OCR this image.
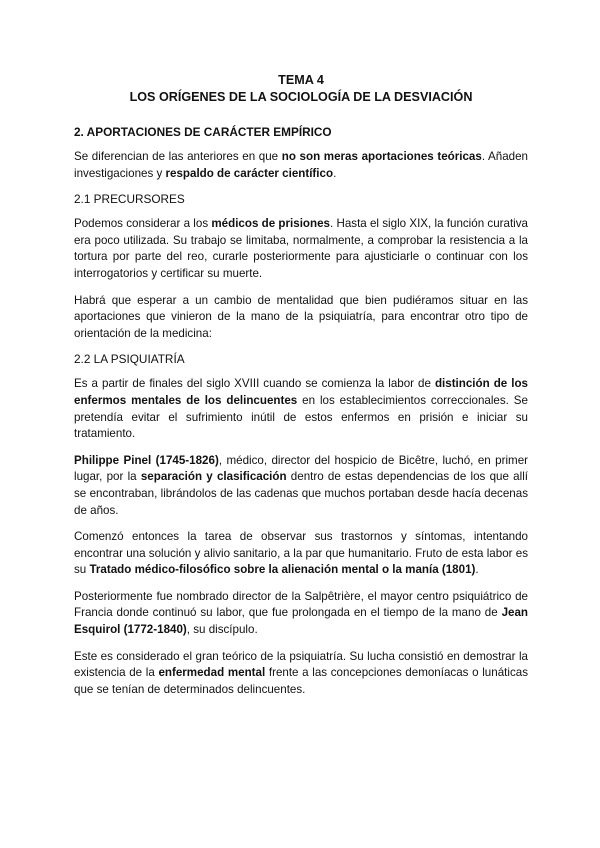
TEMA 4
LOS ORÍGENES DE LA SOCIOLOGÍA DE LA DESVIACIÓN
2. APORTACIONES DE CARÁCTER EMPÍRICO

Se diferencian de las anteriores en que no son meras aportaciones teóricas. Añaden investigaciones y respaldo de carácter científico.

2.1 PRECURSORES

Podemos considerar a los médicos de prisiones. Hasta el siglo XIX, la función curativa era poco utilizada. Su trabajo se limitaba, normalmente, a comprobar la resistencia a la tortura por parte del reo, curarle posteriormente para ajusticiarle o continuar con los interrogatorios y certificar su muerte.

Habrá que esperar a un cambio de mentalidad que bien pudiéramos situar en las aportaciones que vinieron de la mano de la psiquiatría, para encontrar otro tipo de orientación de la medicina:

2.2 LA PSIQUIATRÍA

Es a partir de finales del siglo XVIII cuando se comienza la labor de distinción de los enfermos mentales de los delincuentes en los establecimientos correccionales. Se pretendía evitar el sufrimiento inútil de estos enfermos en prisión e iniciar su tratamiento.

Philippe Pinel (1745-1826), médico, director del hospicio de Bicêtre, luchó, en primer lugar, por la separación y clasificación dentro de estas dependencias de los que allí se encontraban, librándolos de las cadenas que muchos portaban desde hacía decenas de años.

Comenzó entonces la tarea de observar sus trastornos y síntomas, intentando encontrar una solución y alivio sanitario, a la par que humanitario. Fruto de esta labor es su Tratado médico-filosófico sobre la alienación mental o la manía (1801).

Posteriormente fue nombrado director de la Salpêtrière, el mayor centro psiquiátrico de Francia donde continuó su labor, que fue prolongada en el tiempo de la mano de Jean Esquirol (1772-1840), su discípulo.

Este es considerado el gran teórico de la psiquiatría. Su lucha consistió en demostrar la existencia de la enfermedad mental frente a las concepciones demoníacas o lunáticas que se tenían de determinados delincuentes.
